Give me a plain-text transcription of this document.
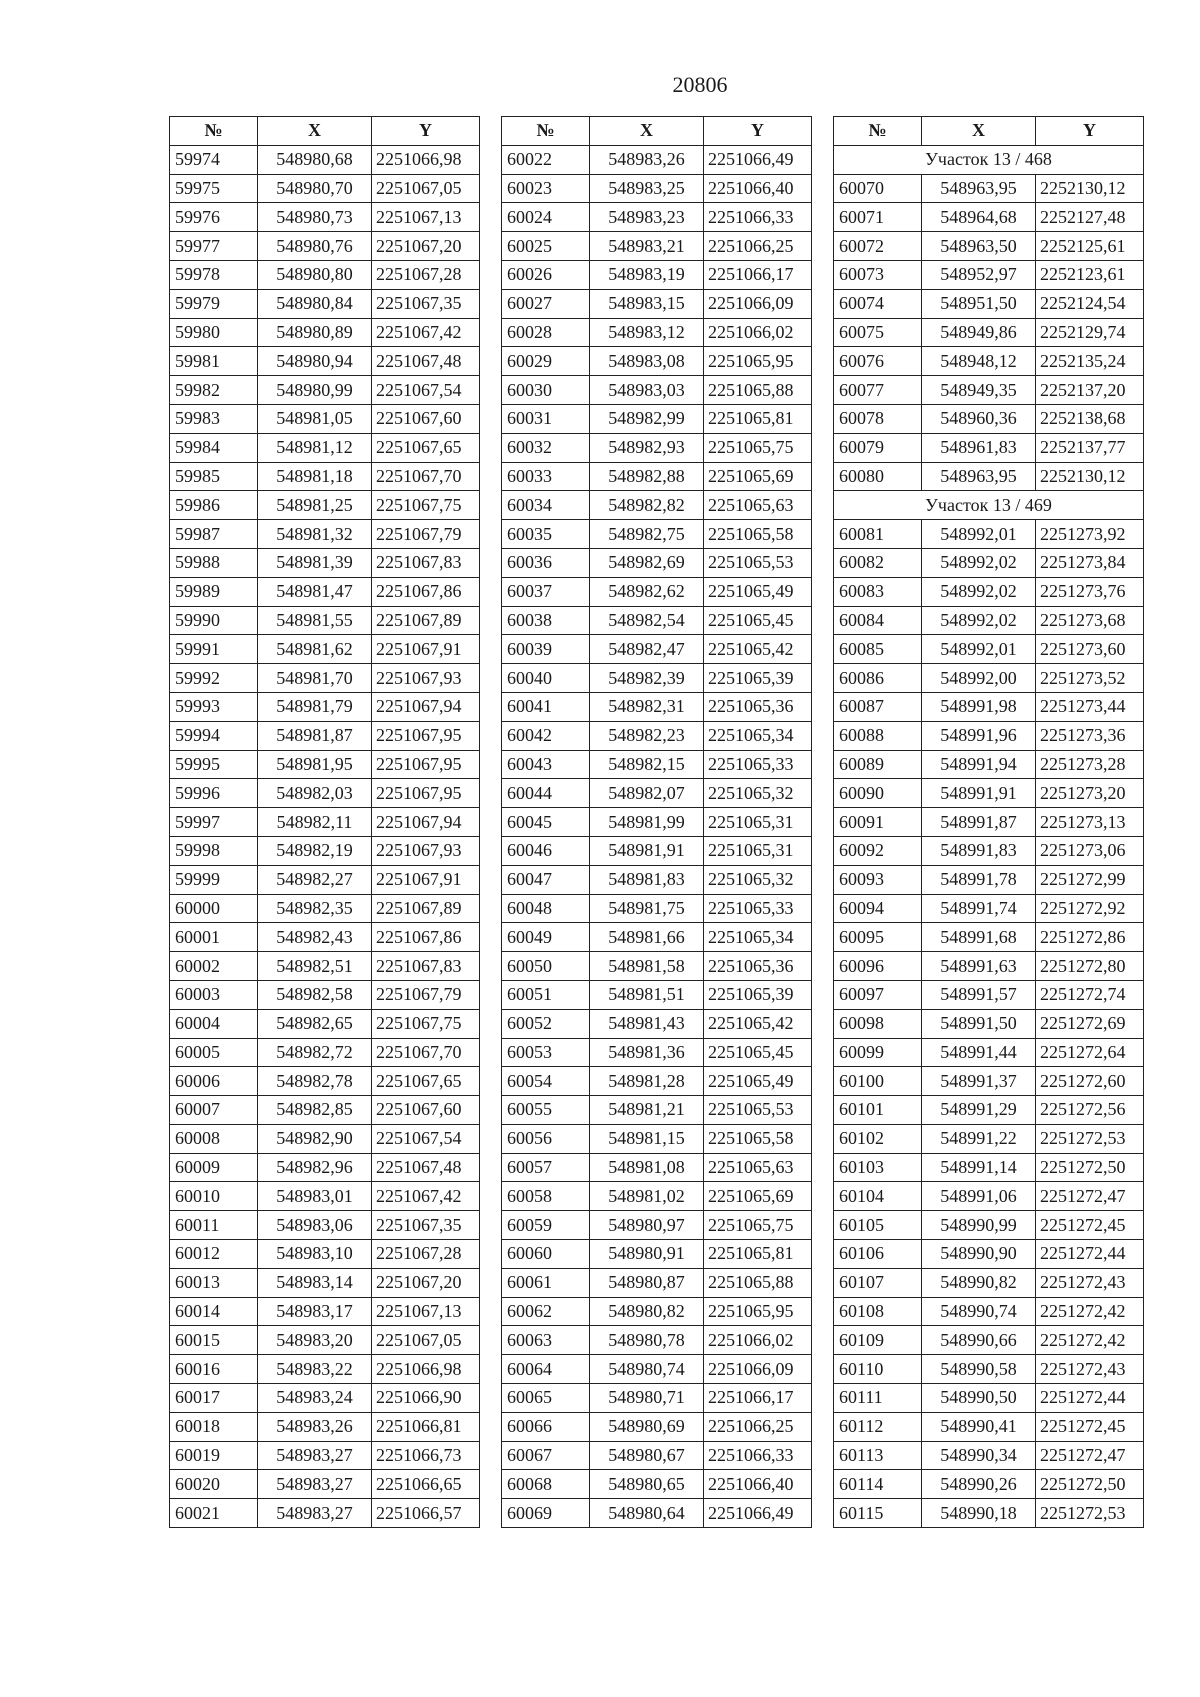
20806
№	X	Y
59974	548980,68	2251066,98
59975	548980,70	2251067,05
59976	548980,73	2251067,13
59977	548980,76	2251067,20
59978	548980,80	2251067,28
59979	548980,84	2251067,35
59980	548980,89	2251067,42
59981	548980,94	2251067,48
59982	548980,99	2251067,54
59983	548981,05	2251067,60
59984	548981,12	2251067,65
59985	548981,18	2251067,70
59986	548981,25	2251067,75
59987	548981,32	2251067,79
59988	548981,39	2251067,83
59989	548981,47	2251067,86
59990	548981,55	2251067,89
59991	548981,62	2251067,91
59992	548981,70	2251067,93
59993	548981,79	2251067,94
59994	548981,87	2251067,95
59995	548981,95	2251067,95
59996	548982,03	2251067,95
59997	548982,11	2251067,94
59998	548982,19	2251067,93
59999	548982,27	2251067,91
60000	548982,35	2251067,89
60001	548982,43	2251067,86
60002	548982,51	2251067,83
60003	548982,58	2251067,79
60004	548982,65	2251067,75
60005	548982,72	2251067,70
60006	548982,78	2251067,65
60007	548982,85	2251067,60
60008	548982,90	2251067,54
60009	548982,96	2251067,48
60010	548983,01	2251067,42
60011	548983,06	2251067,35
60012	548983,10	2251067,28
60013	548983,14	2251067,20
60014	548983,17	2251067,13
60015	548983,20	2251067,05
60016	548983,22	2251066,98
60017	548983,24	2251066,90
60018	548983,26	2251066,81
60019	548983,27	2251066,73
60020	548983,27	2251066,65
60021	548983,27	2251066,57
№	X	Y
60022	548983,26	2251066,49
60023	548983,25	2251066,40
60024	548983,23	2251066,33
60025	548983,21	2251066,25
60026	548983,19	2251066,17
60027	548983,15	2251066,09
60028	548983,12	2251066,02
60029	548983,08	2251065,95
60030	548983,03	2251065,88
60031	548982,99	2251065,81
60032	548982,93	2251065,75
60033	548982,88	2251065,69
60034	548982,82	2251065,63
60035	548982,75	2251065,58
60036	548982,69	2251065,53
60037	548982,62	2251065,49
60038	548982,54	2251065,45
60039	548982,47	2251065,42
60040	548982,39	2251065,39
60041	548982,31	2251065,36
60042	548982,23	2251065,34
60043	548982,15	2251065,33
60044	548982,07	2251065,32
60045	548981,99	2251065,31
60046	548981,91	2251065,31
60047	548981,83	2251065,32
60048	548981,75	2251065,33
60049	548981,66	2251065,34
60050	548981,58	2251065,36
60051	548981,51	2251065,39
60052	548981,43	2251065,42
60053	548981,36	2251065,45
60054	548981,28	2251065,49
60055	548981,21	2251065,53
60056	548981,15	2251065,58
60057	548981,08	2251065,63
60058	548981,02	2251065,69
60059	548980,97	2251065,75
60060	548980,91	2251065,81
60061	548980,87	2251065,88
60062	548980,82	2251065,95
60063	548980,78	2251066,02
60064	548980,74	2251066,09
60065	548980,71	2251066,17
60066	548980,69	2251066,25
60067	548980,67	2251066,33
60068	548980,65	2251066,40
60069	548980,64	2251066,49
№	X	Y
Участок 13 / 468		
60070	548963,95	2252130,12
60071	548964,68	2252127,48
60072	548963,50	2252125,61
60073	548952,97	2252123,61
60074	548951,50	2252124,54
60075	548949,86	2252129,74
60076	548948,12	2252135,24
60077	548949,35	2252137,20
60078	548960,36	2252138,68
60079	548961,83	2252137,77
60080	548963,95	2252130,12
Участок 13 / 469		
60081	548992,01	2251273,92
60082	548992,02	2251273,84
60083	548992,02	2251273,76
60084	548992,02	2251273,68
60085	548992,01	2251273,60
60086	548992,00	2251273,52
60087	548991,98	2251273,44
60088	548991,96	2251273,36
60089	548991,94	2251273,28
60090	548991,91	2251273,20
60091	548991,87	2251273,13
60092	548991,83	2251273,06
60093	548991,78	2251272,99
60094	548991,74	2251272,92
60095	548991,68	2251272,86
60096	548991,63	2251272,80
60097	548991,57	2251272,74
60098	548991,50	2251272,69
60099	548991,44	2251272,64
60100	548991,37	2251272,60
60101	548991,29	2251272,56
60102	548991,22	2251272,53
60103	548991,14	2251272,50
60104	548991,06	2251272,47
60105	548990,99	2251272,45
60106	548990,90	2251272,44
60107	548990,82	2251272,43
60108	548990,74	2251272,42
60109	548990,66	2251272,42
60110	548990,58	2251272,43
60111	548990,50	2251272,44
60112	548990,41	2251272,45
60113	548990,34	2251272,47
60114	548990,26	2251272,50
60115	548990,18	2251272,53
